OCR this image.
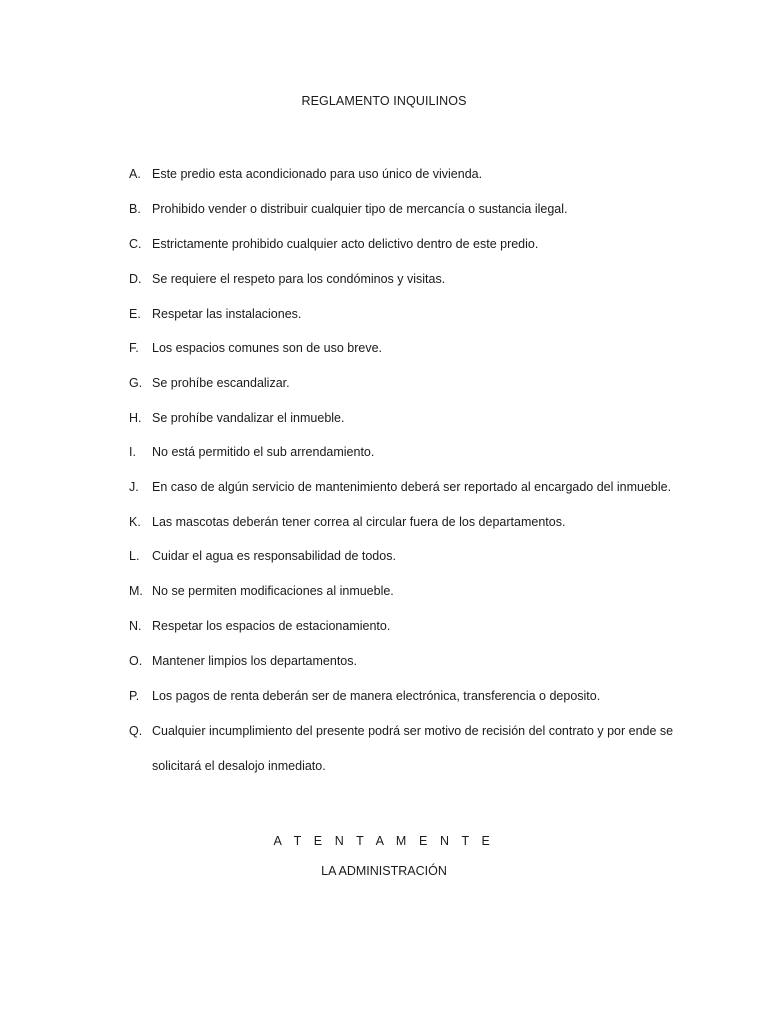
REGLAMENTO INQUILINOS
A. Este predio esta acondicionado para uso único de vivienda.
B. Prohibido vender o distribuir cualquier tipo de mercancía o sustancia ilegal.
C. Estrictamente prohibido cualquier acto delictivo dentro de este predio.
D. Se requiere el respeto para los condóminos y visitas.
E. Respetar las instalaciones.
F. Los espacios comunes son de uso breve.
G. Se prohíbe escandalizar.
H. Se prohíbe vandalizar el inmueble.
I. No está permitido el sub arrendamiento.
J. En caso de algún servicio de mantenimiento deberá ser reportado al encargado del inmueble.
K. Las mascotas deberán tener correa al circular fuera de los departamentos.
L. Cuidar el agua es responsabilidad de todos.
M. No se permiten modificaciones al inmueble.
N. Respetar los espacios de estacionamiento.
O. Mantener limpios los departamentos.
P. Los pagos de renta deberán ser de manera electrónica, transferencia o deposito.
Q. Cualquier incumplimiento del presente podrá ser motivo de recisión del contrato y por ende se
solicitará el desalojo inmediato.
A T E N T A M E N T E
LA ADMINISTRACIÓN
